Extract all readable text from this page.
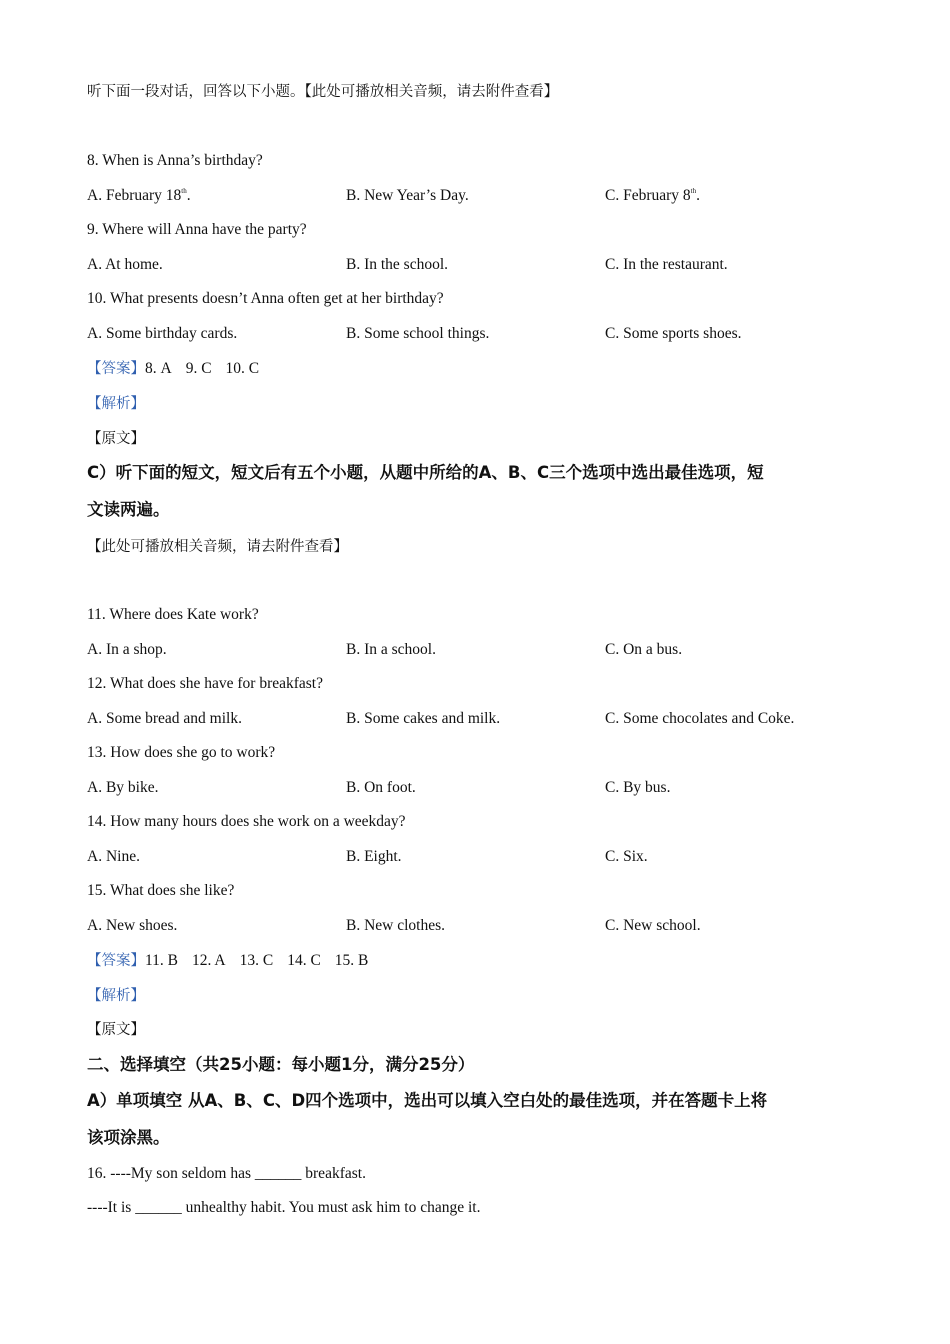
听下面一段对话，回答以下小题。【此处可播放相关音频，请去附件查看】
8. When is Anna’s birthday?
A. February 18th.	B. New Year’s Day.	C. February 8th.
9. Where will Anna have the party?
A. At home.	B. In the school.	C. In the restaurant.
10. What presents doesn’t Anna often get at her birthday?
A. Some birthday cards.	B. Some school things.	C. Some sports shoes.
【答案】8. A 9. C 10. C
【解析】
【原文】
C）听下面的短文，短文后有五个小题，从题中所给的A、B、C三个选项中选出最佳选项，短
文读两遍。
【此处可播放相关音频，请去附件查看】
11. Where does Kate work?
A. In a shop.	B. In a school.	C. On a bus.
12. What does she have for breakfast?
A. Some bread and milk.	B. Some cakes and milk.	C. Some chocolates and Coke.
13. How does she go to work?
A. By bike.	B. On foot.	C. By bus.
14. How many hours does she work on a weekday?
A. Nine.	B. Eight.	C. Six.
15. What does she like?
A. New shoes.	B. New clothes.	C. New school.
【答案】11. B 12. A 13. C 14. C 15. B
【解析】
【原文】
二、选择填空（共25小题：每小题1分，满分25分）
A）单项填空 从A、B、C、D四个选项中，选出可以填入空白处的最佳选项，并在答题卡上将
该项涂黑。
16. ----My son seldom has ______ breakfast.
----It is ______ unhealthy habit. You must ask him to change it.
